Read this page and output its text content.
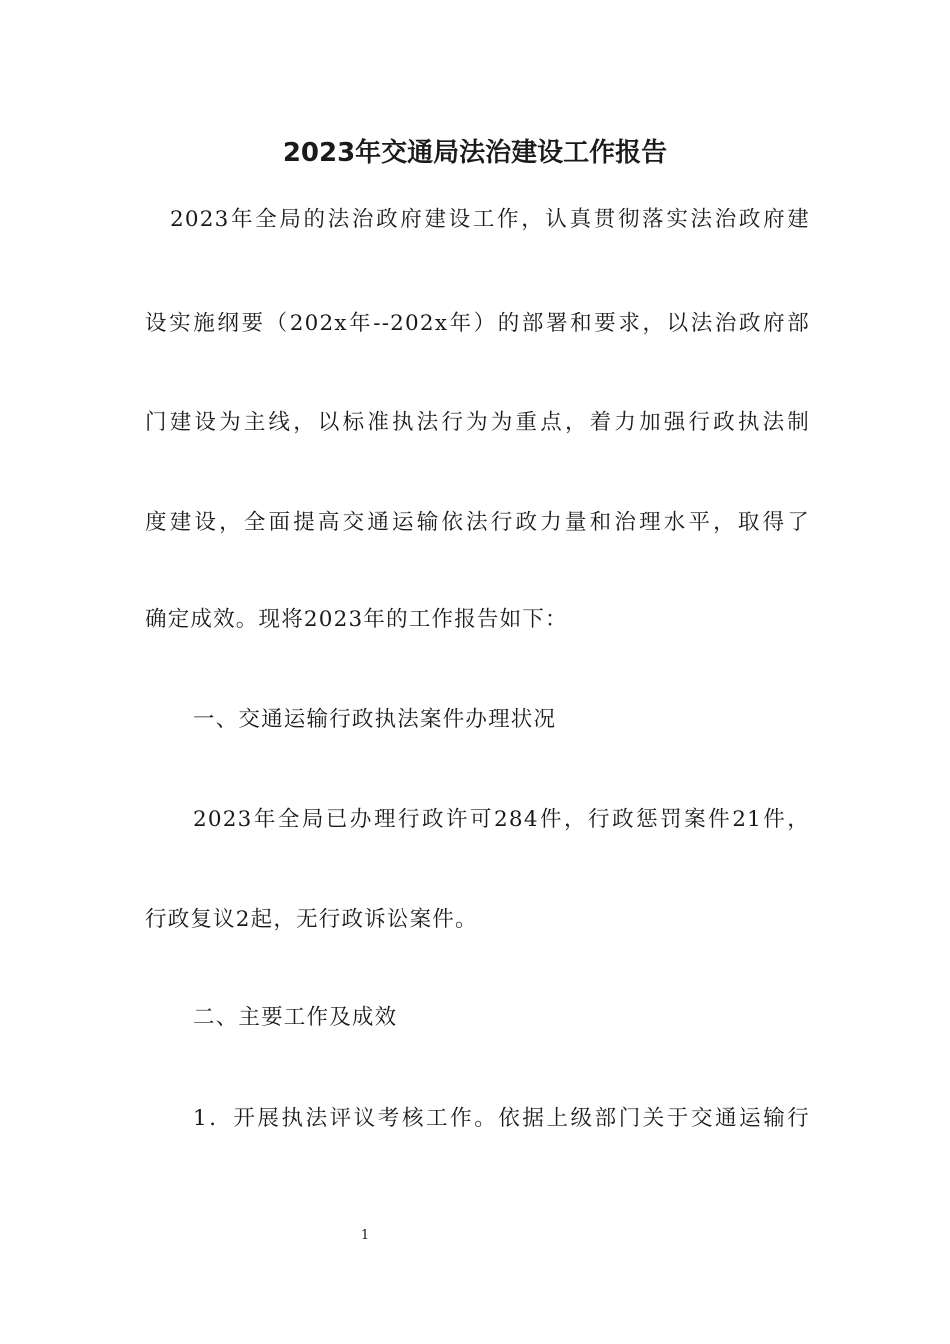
2023年交通局法治建设工作报告
2023年全局的法治政府建设工作，认真贯彻落实法治政府建
设实施纲要（202x年--202x年）的部署和要求，以法治政府部
门建设为主线，以标准执法行为为重点，着力加强行政执法制
度建设，全面提高交通运输依法行政力量和治理水平，取得了
确定成效。现将2023年的工作报告如下：
一、交通运输行政执法案件办理状况
2023年全局已办理行政许可284件，行政惩罚案件21件，
行政复议2起，无行政诉讼案件。
二、主要工作及成效
1．开展执法评议考核工作。依据上级部门关于交通运输行
1
